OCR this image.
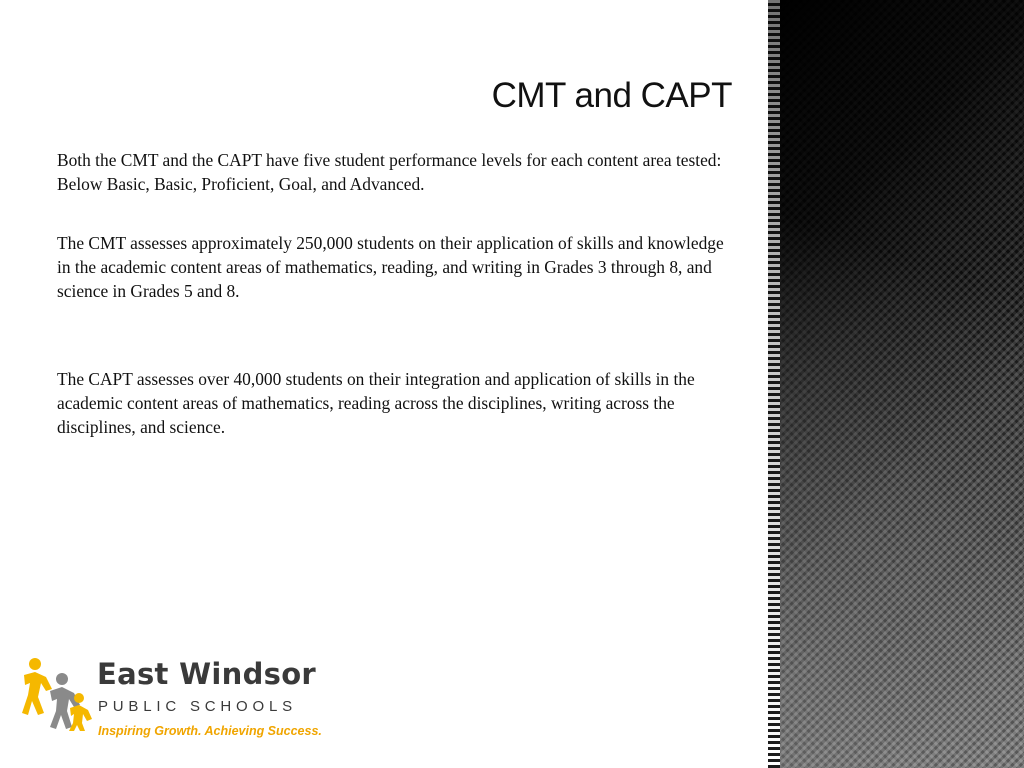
CMT and CAPT

Both the CMT and the CAPT have five student performance levels for each content area tested: Below Basic, Basic, Proficient, Goal, and Advanced.

The CMT assesses approximately 250,000 students on their application of skills and knowledge in the academic content areas of mathematics, reading, and writing in Grades 3 through 8, and science in Grades 5 and 8.

The CAPT assesses over 40,000 students on their integration and application of skills in the academic content areas of mathematics, reading across the disciplines, writing across the disciplines, and science.

East Windsor
PUBLIC SCHOOLS
Inspiring Growth. Achieving Success.
